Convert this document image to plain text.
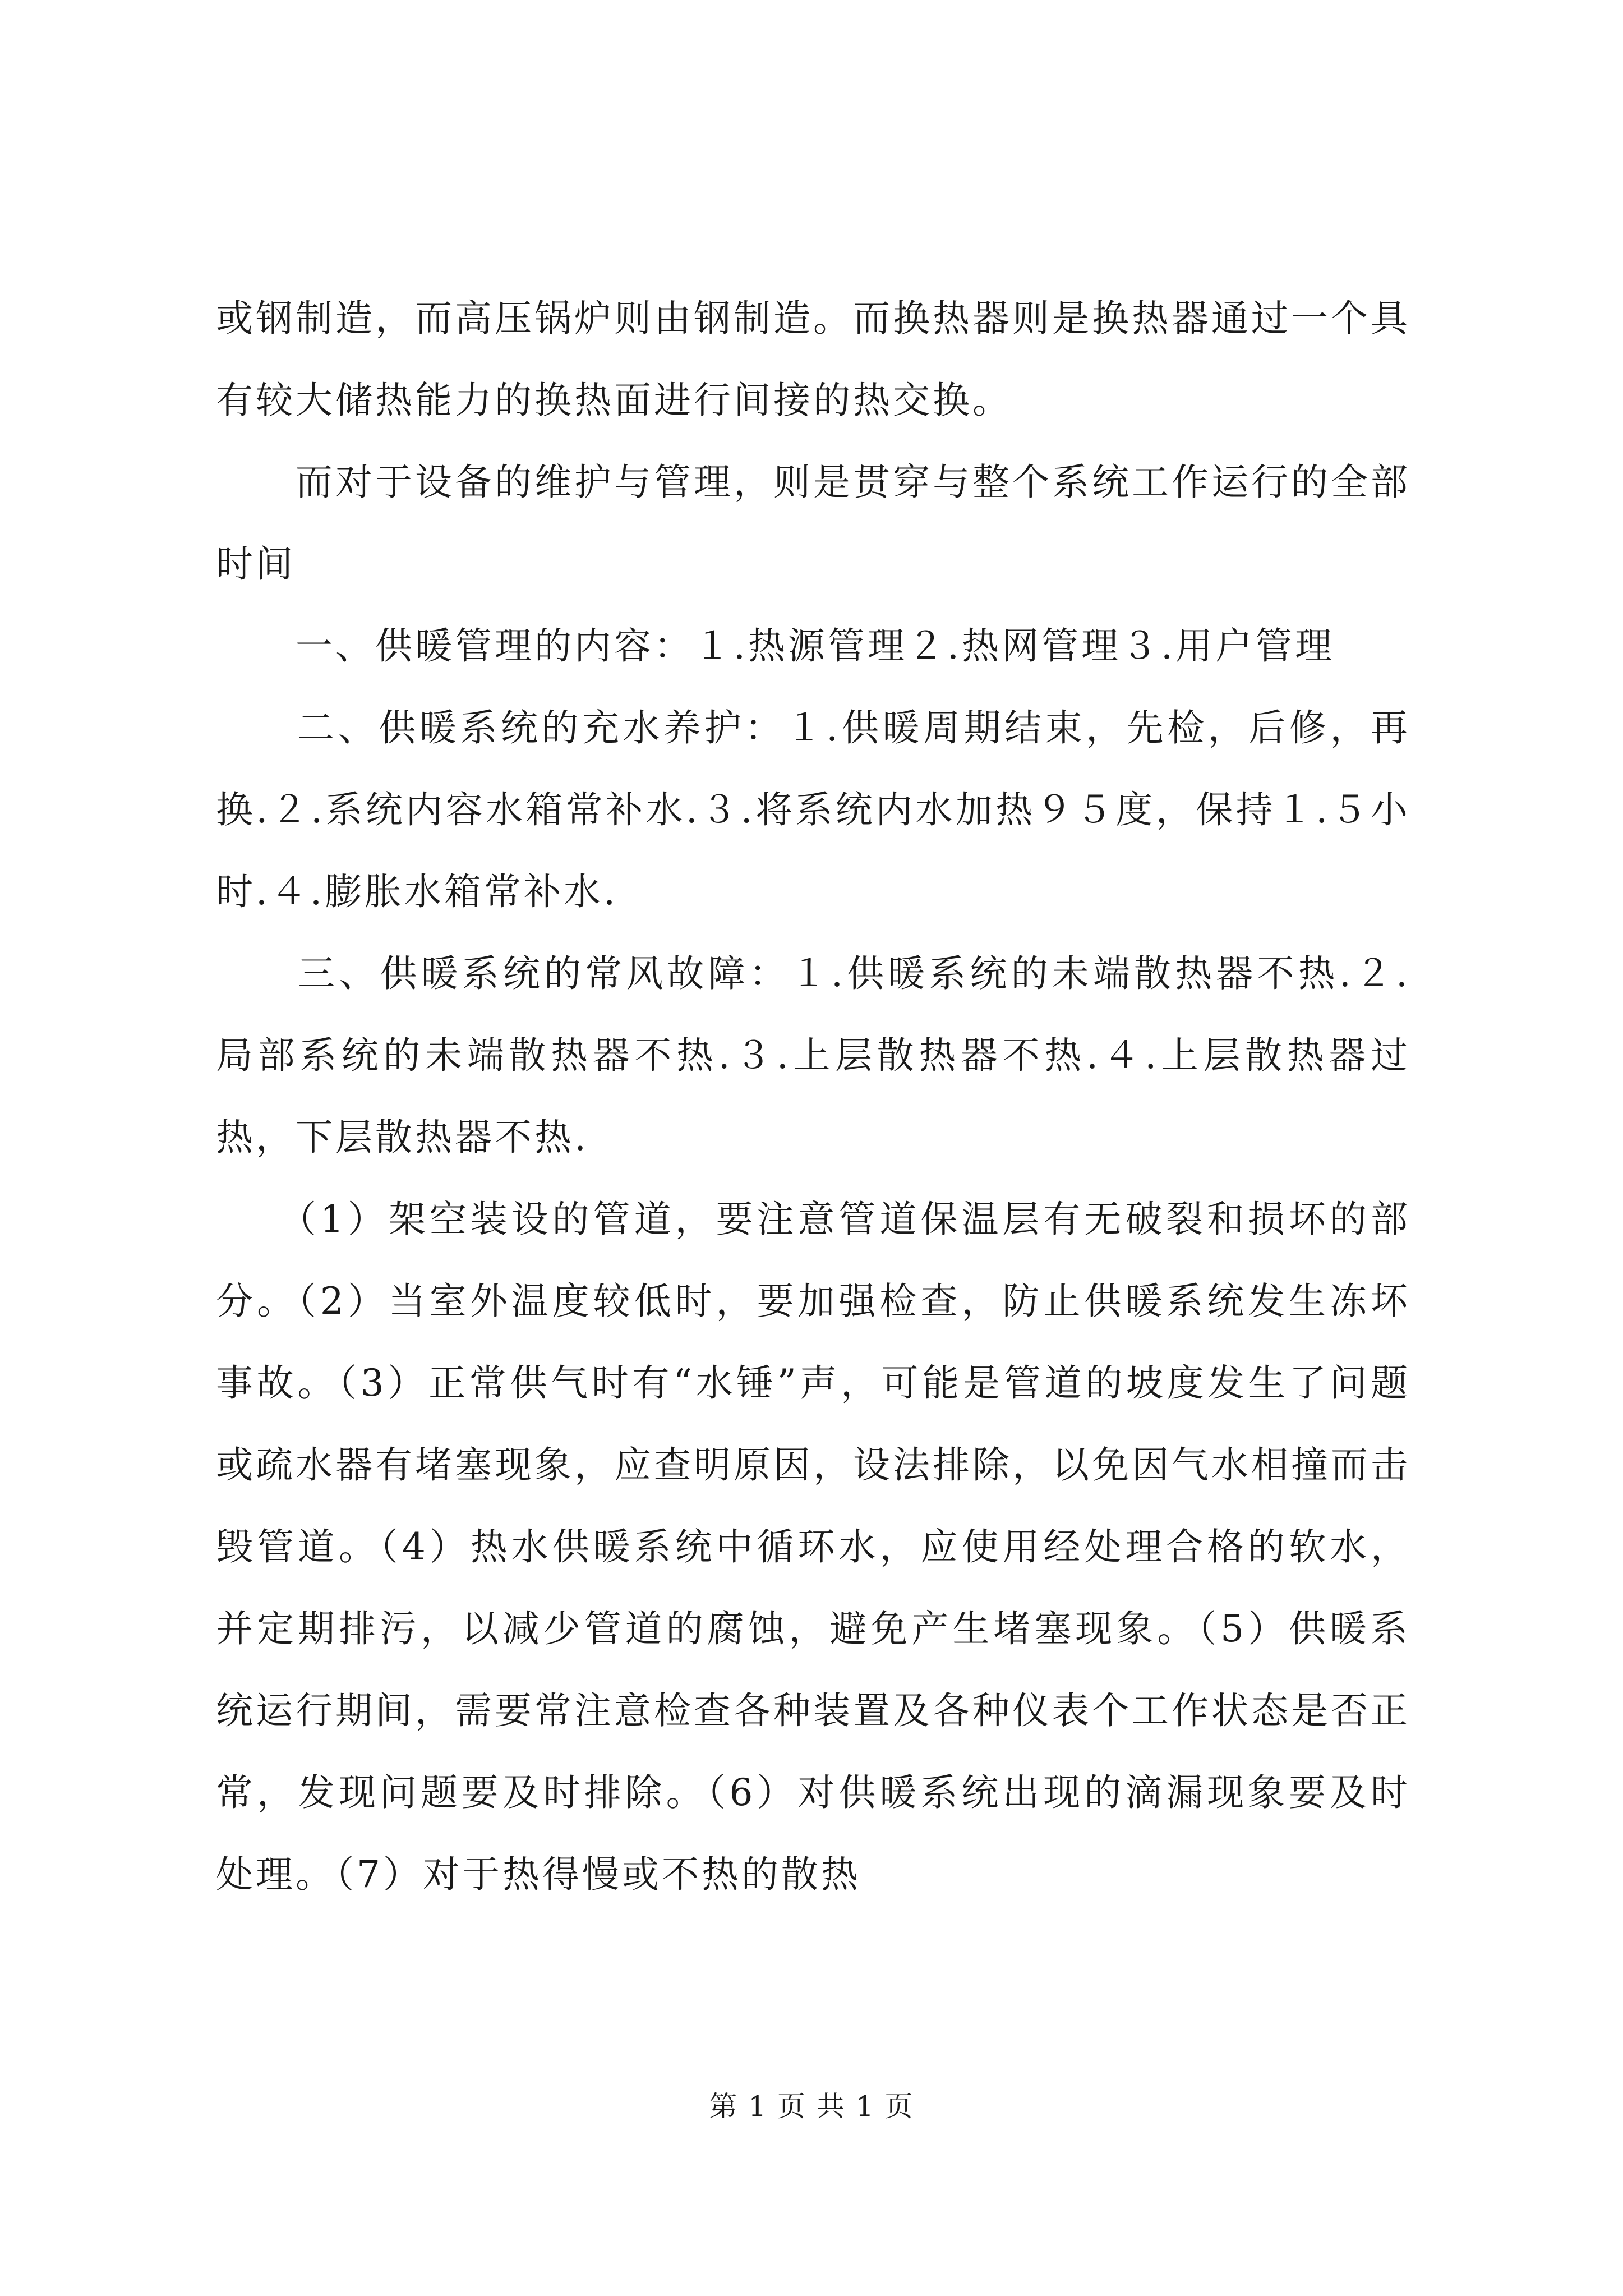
或钢制造，而高压锅炉则由钢制造。而换热器则是换热器通过一个具有较大储热能力的换热面进行间接的热交换。

　　而对于设备的维护与管理，则是贯穿与整个系统工作运行的全部时间

　　一、供暖管理的内容：１.热源管理２.热网管理３.用户管理

　　二、供暖系统的充水养护：１.供暖周期结束，先检，后修，再换.２.系统内容水箱常补水.３.将系统内水加热９５度，保持１.５小时.４.膨胀水箱常补水.

　　三、供暖系统的常风故障：１.供暖系统的未端散热器不热.２.局部系统的未端散热器不热.３.上层散热器不热.４.上层散热器过热，下层散热器不热.

　　（1）架空装设的管道，要注意管道保温层有无破裂和损坏的部分。（2）当室外温度较低时，要加强检查，防止供暖系统发生冻坏事故。（3）正常供气时有“水锤”声，可能是管道的坡度发生了问题或疏水器有堵塞现象，应查明原因，设法排除，以免因气水相撞而击毁管道。（4）热水供暖系统中循环水，应使用经处理合格的软水，并定期排污，以减少管道的腐蚀，避免产生堵塞现象。（5）供暖系统运行期间，需要常注意检查各种装置及各种仪表个工作状态是否正常，发现问题要及时排除。（6）对供暖系统出现的滴漏现象要及时处理。（7）对于热得慢或不热的散热

第 1 页 共 1 页
